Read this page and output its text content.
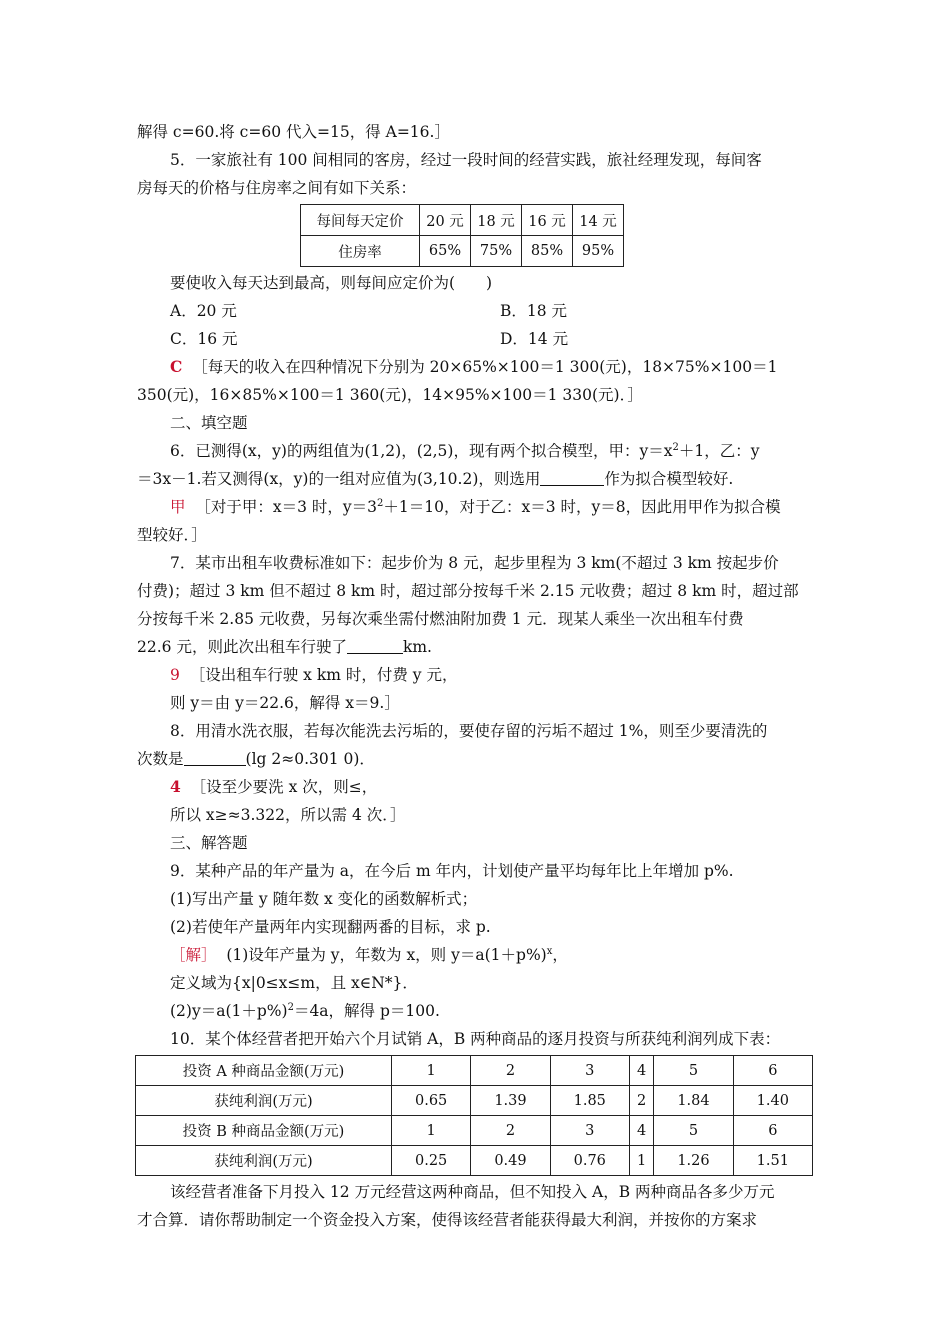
解得 c=60.将 c=60 代入=15，得 A=16.］
5．一家旅社有 100 间相同的客房，经过一段时间的经营实践，旅社经理发现，每间客
房每天的价格与住房率之间有如下关系：
每间每天定价	20 元	18 元	16 元	14 元
住房率	65%	75%	85%	95%
要使收入每天达到最高，则每间应定价为(　　)
A．20 元	B．18 元
C．16 元	D．14 元
C ［每天的收入在四种情况下分别为 20×65%×100＝1 300(元)，18×75%×100＝1
350(元)，16×85%×100＝1 360(元)，14×95%×100＝1 330(元)．］
二、填空题
6．已测得(x，y)的两组值为(1,2)，(2,5)，现有两个拟合模型，甲：$y=x^2+1$，乙：y
＝3x－1.若又测得(x，y)的一组对应值为(3,10.2)，则选用	作为拟合模型较好.
甲 ［对于甲：x＝3 时，$y=3^2+1=10$，对于乙：x＝3 时，y＝8，因此用甲作为拟合模
型较好．］
7．某市出租车收费标准如下：起步价为 8 元，起步里程为 3 km(不超过 3 km 按起步价
付费)；超过 3 km 但不超过 8 km 时，超过部分按每千米 2.15 元收费；超过 8 km 时，超过部
分按每千米 2.85 元收费，另每次乘坐需付燃油附加费 1 元．现某人乘坐一次出租车付费
22.6 元，则此次出租车行驶了	km.
9 ［设出租车行驶 x km 时，付费 y 元，
则 y＝由 y＝22.6，解得 x＝9.］
8．用清水洗衣服，若每次能洗去污垢的，要使存留的污垢不超过 1%，则至少要清洗的
次数是	(lg 2≈0.301 0)．
4 ［设至少要洗 x 次，则≤，
所以 x≥≈3.322，所以需 4 次．］
三、解答题
9．某种产品的年产量为 a，在今后 m 年内，计划使产量平均每年比上年增加 p%.
(1)写出产量 y 随年数 x 变化的函数解析式；
(2)若使年产量两年内实现翻两番的目标，求 p.
［解］ (1)设年产量为 y，年数为 x，则 $y=a(1+p\%)^x$，
定义域为{x|0≤x≤m，且 x∈N*}．
$(2)y=a(1+p\%)^2=4a$，解得 p＝100.
10．某个体经营者把开始六个月试销 A，B 两种商品的逐月投资与所获纯利润列成下表：
投资 A 种商品金额(万元)	1	2	3	4	5	6
获纯利润(万元)	0.65	1.39	1.85	2	1.84	1.40
投资 B 种商品金额(万元)	1	2	3	4	5	6
获纯利润(万元)	0.25	0.49	0.76	1	1.26	1.51
该经营者准备下月投入 12 万元经营这两种商品，但不知投入 A，B 两种商品各多少万元
才合算．请你帮助制定一个资金投入方案，使得该经营者能获得最大利润，并按你的方案求
